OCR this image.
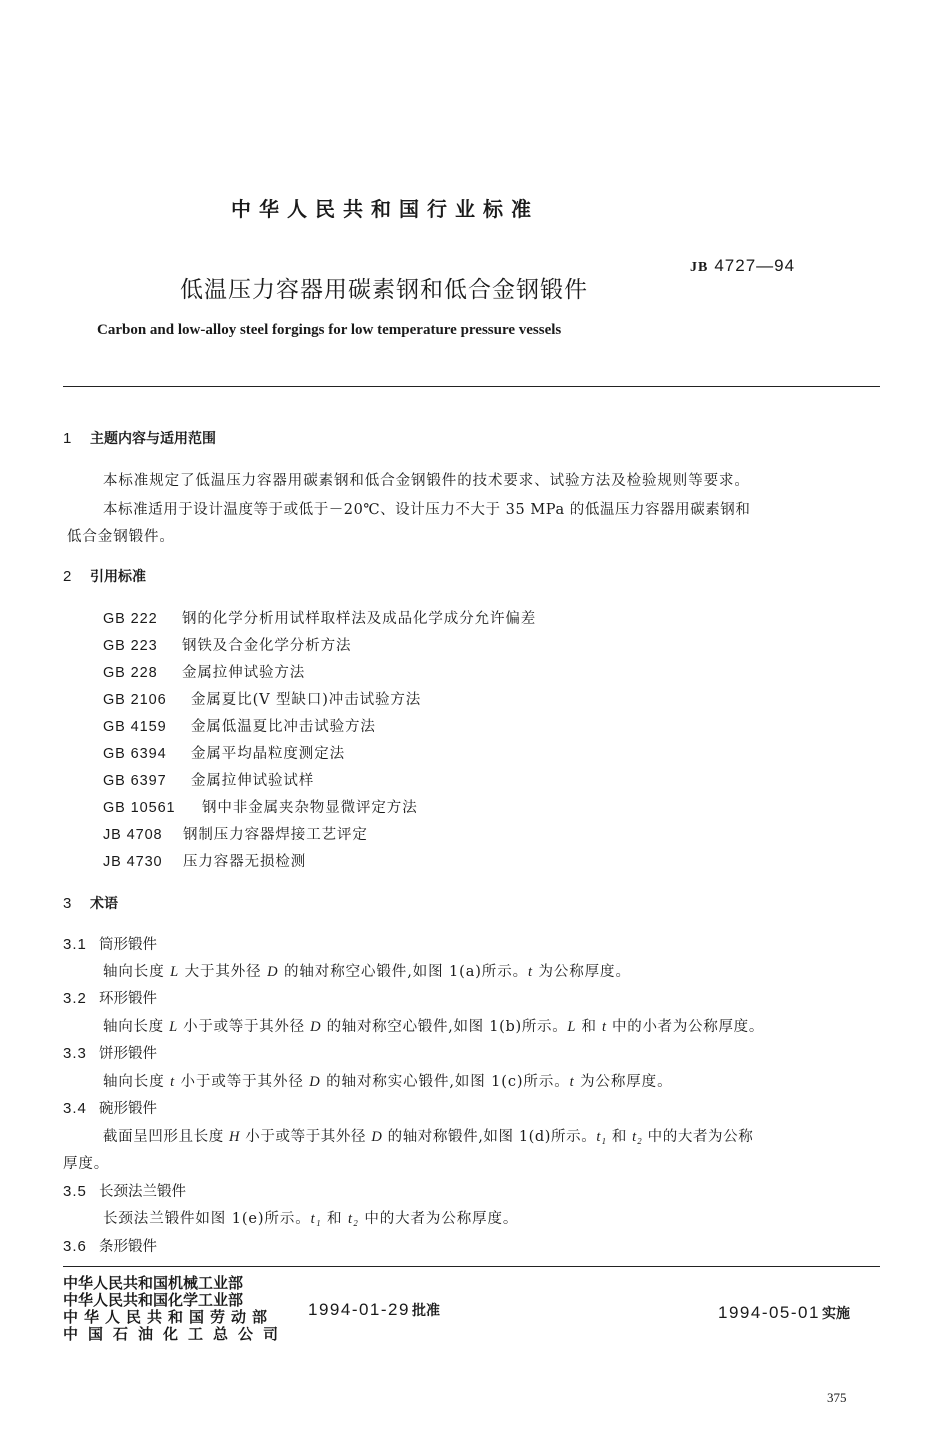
中华人民共和国行业标准
JB 4727—94
低温压力容器用碳素钢和低合金钢锻件
Carbon and low-alloy steel forgings for low temperature pressure vessels
1 主题内容与适用范围
本标准规定了低温压力容器用碳素钢和低合金钢锻件的技术要求、试验方法及检验规则等要求。
本标准适用于设计温度等于或低于－20℃、设计压力不大于 35 MPa 的低温压力容器用碳素钢和
低合金钢锻件。
2 引用标准
GB 222 钢的化学分析用试样取样法及成品化学成分允许偏差
GB 223 钢铁及合金化学分析方法
GB 228 金属拉伸试验方法
GB 2106 金属夏比(V 型缺口)冲击试验方法
GB 4159 金属低温夏比冲击试验方法
GB 6394 金属平均晶粒度测定法
GB 6397 金属拉伸试验试样
GB 10561 钢中非金属夹杂物显微评定方法
JB 4708 钢制压力容器焊接工艺评定
JB 4730 压力容器无损检测
3 术语
3.1 筒形锻件
轴向长度 L 大于其外径 D 的轴对称空心锻件,如图 1(a)所示。t 为公称厚度。
3.2 环形锻件
轴向长度 L 小于或等于其外径 D 的轴对称空心锻件,如图 1(b)所示。L 和 t 中的小者为公称厚度。
3.3 饼形锻件
轴向长度 t 小于或等于其外径 D 的轴对称实心锻件,如图 1(c)所示。t 为公称厚度。
3.4 碗形锻件
截面呈凹形且长度 H 小于或等于其外径 D 的轴对称锻件,如图 1(d)所示。t₁ 和 t₂ 中的大者为公称
厚度。
3.5 长颈法兰锻件
长颈法兰锻件如图 1(e)所示。t₁ 和 t₂ 中的大者为公称厚度。
3.6 条形锻件
中华人民共和国机械工业部
中华人民共和国化学工业部
中华人民共和国劳动部
中国石油化工总公司
1994-01-29 批准	1994-05-01 实施
375
